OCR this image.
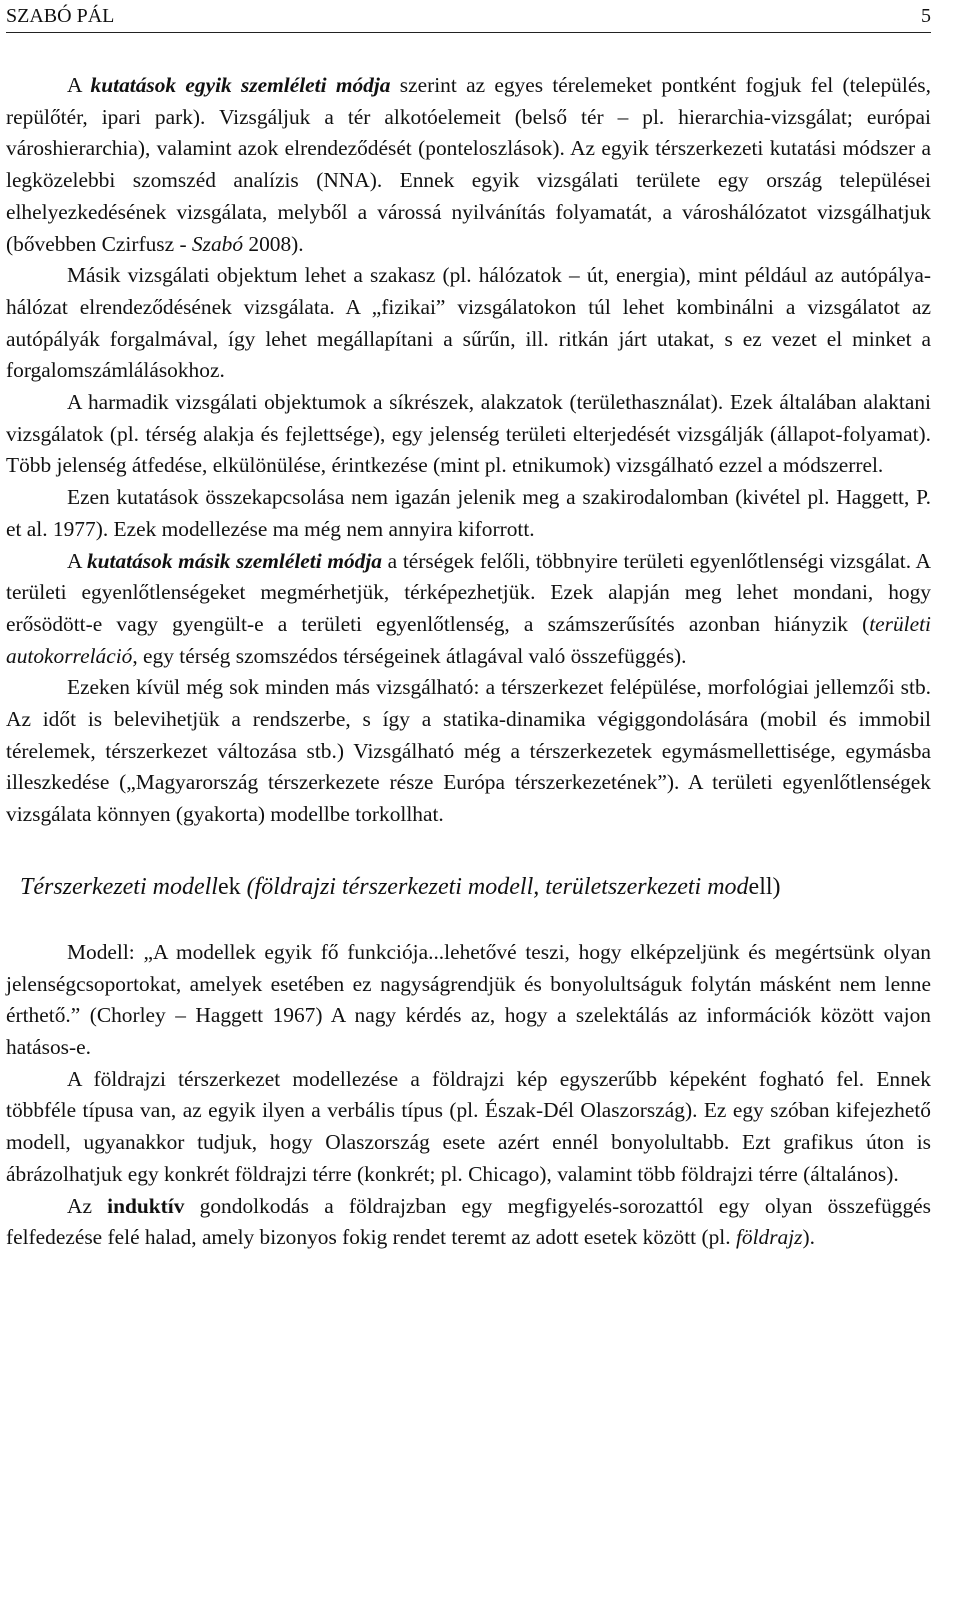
SZABÓ PÁL	5

A kutatások egyik szemléleti módja szerint az egyes térelemeket pontként fogjuk fel (település, repülőtér, ipari park). Vizsgáljuk a tér alkotóelemeit (belső tér – pl. hierarchia-vizsgálat; európai városhierarchia), valamint azok elrendeződését (ponteloszlások). Az egyik térszerkezeti kutatási módszer a legközelebbi szomszéd analízis (NNA). Ennek egyik vizsgálati területe egy ország települései elhelyezkedésének vizsgálata, melyből a várossá nyilvánítás folyamatát, a városhálózatot vizsgálhatjuk (bővebben Czirfusz - Szabó 2008).

Másik vizsgálati objektum lehet a szakasz (pl. hálózatok – út, energia), mint például az autópálya-hálózat elrendeződésének vizsgálata. A „fizikai” vizsgálatokon túl lehet kombinálni a vizsgálatot az autópályák forgalmával, így lehet megállapítani a sűrűn, ill. ritkán járt utakat, s ez vezet el minket a forgalomszámlálásokhoz.

A harmadik vizsgálati objektumok a síkrészek, alakzatok (területhasználat). Ezek általában alaktani vizsgálatok (pl. térség alakja és fejlettsége), egy jelenség területi elterjedését vizsgálják (állapot-folyamat). Több jelenség átfedése, elkülönülése, érintkezése (mint pl. etnikumok) vizsgálható ezzel a módszerrel.

Ezen kutatások összekapcsolása nem igazán jelenik meg a szakirodalomban (kivétel pl. Haggett, P. et al. 1977). Ezek modellezése ma még nem annyira kiforrott.

A kutatások másik szemléleti módja a térségek felőli, többnyire területi egyenlőtlenségi vizsgálat. A területi egyenlőtlenségeket megmérhetjük, térképezhetjük. Ezek alapján meg lehet mondani, hogy erősödött-e vagy gyengült-e a területi egyenlőtlenség, a számszerűsítés azonban hiányzik (területi autokorreláció, egy térség szomszédos térségeinek átlagával való összefüggés).

Ezeken kívül még sok minden más vizsgálható: a térszerkezet felépülése, morfológiai jellemzői stb. Az időt is belevihetjük a rendszerbe, s így a statika-dinamika végiggondolására (mobil és immobil térelemek, térszerkezet változása stb.) Vizsgálható még a térszerkezetek egymásmellettisége, egymásba illeszkedése („Magyarország térszerkezete része Európa térszerkezetének”). A területi egyenlőtlenségek vizsgálata könnyen (gyakorta) modellbe torkollhat.

Térszerkezeti modellek (földrajzi térszerkezeti modell, területszerkezeti modell)

Modell: „A modellek egyik fő funkciója...lehetővé teszi, hogy elképzeljünk és megértsünk olyan jelenségcsoportokat, amelyek esetében ez nagyságrendjük és bonyolultságuk folytán másként nem lenne érthető.” (Chorley – Haggett 1967) A nagy kérdés az, hogy a szelektálás az információk között vajon hatásos-e.

A földrajzi térszerkezet modellezése a földrajzi kép egyszerűbb képeként fogható fel. Ennek többféle típusa van, az egyik ilyen a verbális típus (pl. Észak-Dél Olaszország). Ez egy szóban kifejezhető modell, ugyanakkor tudjuk, hogy Olaszország esete azért ennél bonyolultabb. Ezt grafikus úton is ábrázolhatjuk egy konkrét földrajzi térre (konkrét; pl. Chicago), valamint több földrajzi térre (általános).

Az induktív gondolkodás a földrajzban egy megfigyelés-sorozattól egy olyan összefüggés felfedezése felé halad, amely bizonyos fokig rendet teremt az adott esetek között (pl. földrajz).
